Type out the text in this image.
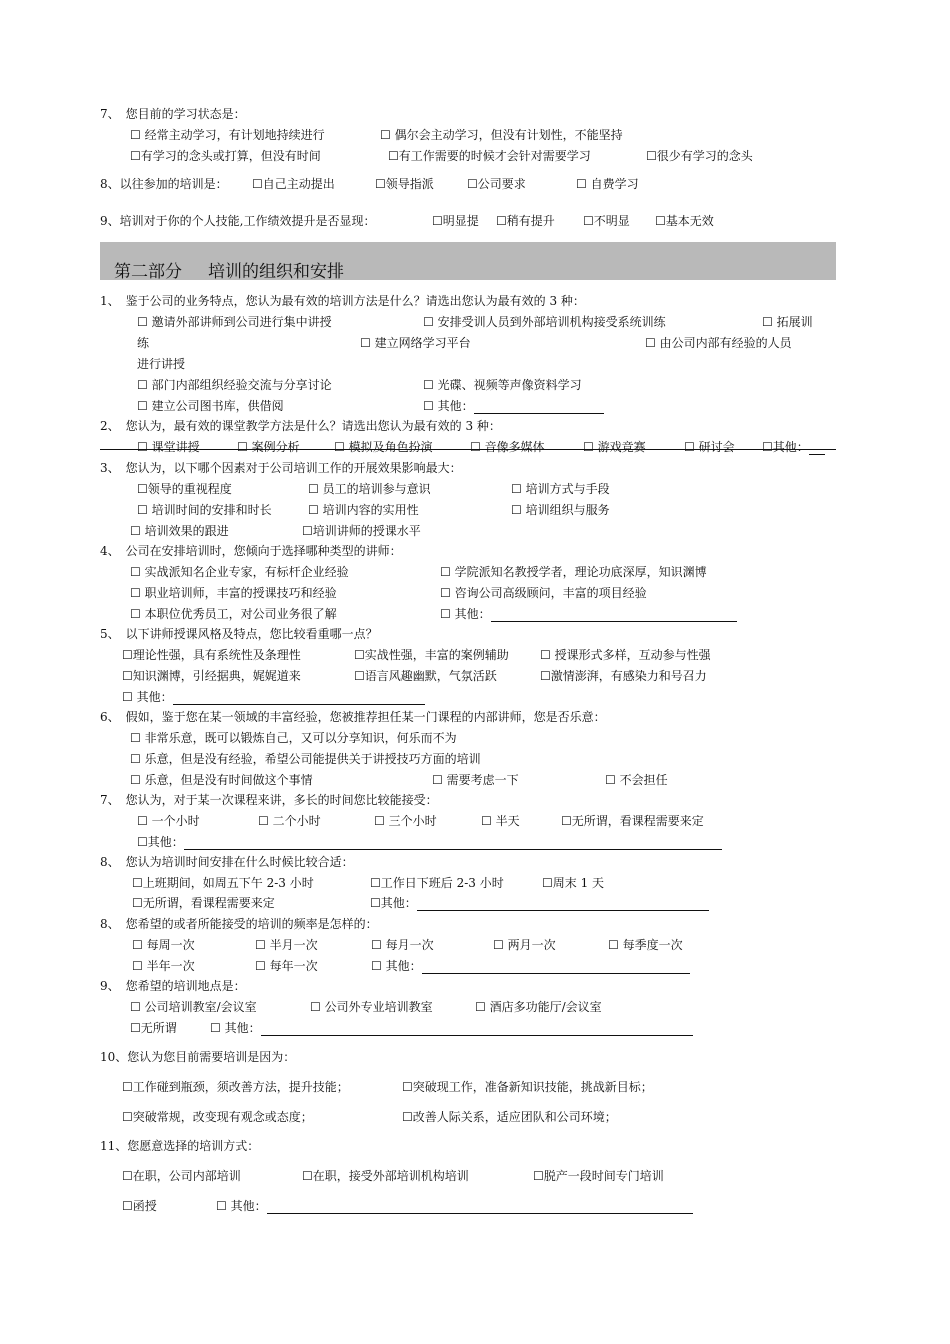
7、　您目前的学习状态是：
☐ 经常主动学习，有计划地持续进行	☐ 偶尔会主动学习，但没有计划性，不能坚持
☐有学习的念头或打算，但没有时间	☐有工作需要的时候才会针对需要学习	☐很少有学习的念头
8、以往参加的培训是： ☐自己主动提出	☐领导指派	☐公司要求	☐ 自费学习
9、培训对于你的个人技能,工作绩效提升是否显现：	☐明显提 ☐稍有提升 ☐不明显 ☐基本无效
第二部分 培训的组织和安排
1、　鉴于公司的业务特点，您认为最有效的培训方法是什么？请选出您认为最有效的 3 种：
☐ 邀请外部讲师到公司进行集中讲授	☐ 安排受训人员到外部培训机构接受系统训练	☐ 拓展训
练	☐ 建立网络学习平台	☐ 由公司内部有经验的人员
进行讲授
☐ 部门内部组织经验交流与分享讨论	☐ 光碟、视频等声像资料学习
☐ 建立公司图书库，供借阅	☐ 其他：
2、　您认为，最有效的课堂教学方法是什么？请选出您认为最有效的 3 种：
☐ 课堂讲授	☐ 案例分析	☐ 模拟及角色扮演	☐ 音像多媒体	☐ 游戏竞赛	☐ 研讨会 ☐其他：
3、　您认为，以下哪个因素对于公司培训工作的开展效果影响最大：
☐领导的重视程度	☐ 员工的培训参与意识	☐ 培训方式与手段
☐ 培训时间的安排和时长	☐ 培训内容的实用性	☐ 培训组织与服务
☐ 培训效果的跟进	☐培训讲师的授课水平
4、　公司在安排培训时，您倾向于选择哪种类型的讲师：
☐ 实战派知名企业专家，有标杆企业经验	☐ 学院派知名教授学者，理论功底深厚，知识渊博
☐ 职业培训师，丰富的授课技巧和经验	☐ 咨询公司高级顾问，丰富的项目经验
☐ 本职位优秀员工，对公司业务很了解	☐ 其他：
5、　以下讲师授课风格及特点，您比较看重哪一点？
☐理论性强，具有系统性及条理性	☐实战性强，丰富的案例辅助	☐ 授课形式多样，互动参与性强
☐知识渊博，引经据典，娓娓道来	☐语言风趣幽默，气氛活跃	☐激情澎湃，有感染力和号召力
☐ 其他：
6、　假如，鉴于您在某一领域的丰富经验，您被推荐担任某一门课程的内部讲师，您是否乐意：
☐ 非常乐意，既可以锻炼自己，又可以分享知识，何乐而不为
☐ 乐意，但是没有经验，希望公司能提供关于讲授技巧方面的培训
☐ 乐意，但是没有时间做这个事情	☐ 需要考虑一下	☐ 不会担任
7、　您认为，对于某一次课程来讲，多长的时间您比较能接受：
☐ 一个小时	☐ 二个小时	☐ 三个小时	☐ 半天	☐无所谓，看课程需要来定
☐其他：
8、　您认为培训时间安排在什么时候比较合适：
☐上班期间，如周五下午 2-3 小时	☐工作日下班后 2-3 小时	☐周末 1 天
☐无所谓，看课程需要来定	☐其他：
8、　您希望的或者所能接受的培训的频率是怎样的：
☐ 每周一次	☐ 半月一次	☐ 每月一次	☐ 两月一次	☐ 每季度一次
☐ 半年一次	☐ 每年一次	☐ 其他：
9、　您希望的培训地点是：
☐ 公司培训教室/会议室	☐ 公司外专业培训教室	☐ 酒店多功能厅/会议室
☐无所谓	☐ 其他：
10、您认为您目前需要培训是因为：
☐工作碰到瓶颈，须改善方法，提升技能；	☐突破现工作，准备新知识技能，挑战新目标；
☐突破常规，改变现有观念或态度；	☐改善人际关系，适应团队和公司环境；
11、您愿意选择的培训方式：
☐在职，公司内部培训	☐在职，接受外部培训机构培训	☐脱产一段时间专门培训
☐函授	☐ 其他：
